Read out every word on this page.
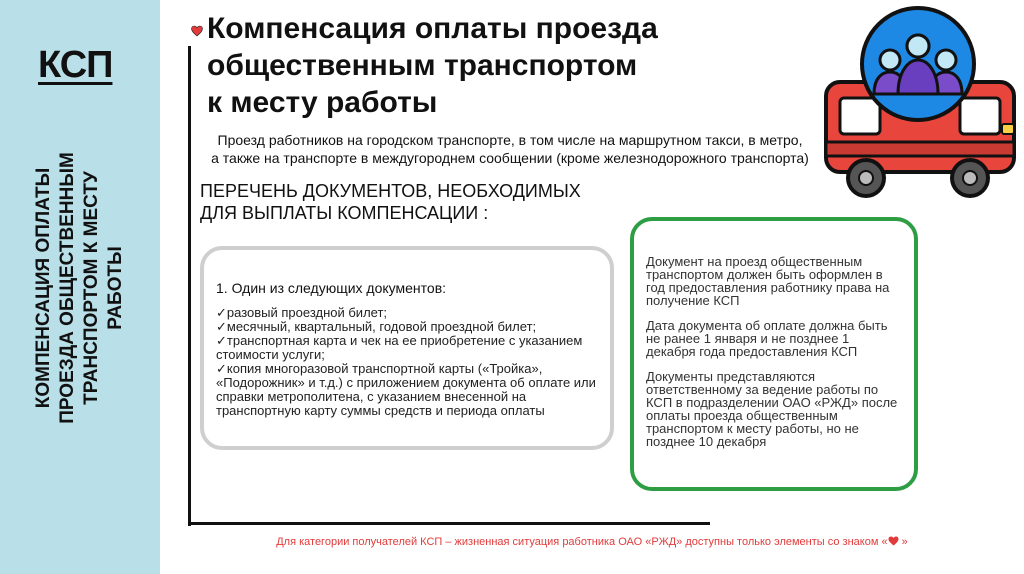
КСП
КОМПЕНСАЦИЯ ОПЛАТЫ ПРОЕЗДА ОБЩЕСТВЕННЫМ ТРАНСПОРТОМ К МЕСТУ РАБОТЫ
Компенсация оплаты проезда
общественным транспортом
к месту работы
Проезд работников на городском транспорте, в том числе на маршрутном такси, в метро,
а также на транспорте в междугороднем сообщении (кроме железнодорожного транспорта)
ПЕРЕЧЕНЬ ДОКУМЕНТОВ, НЕОБХОДИМЫХ
ДЛЯ ВЫПЛАТЫ КОМПЕНСАЦИИ :
1. Один из следующих документов:
✓разовый проездной билет;
✓месячный, квартальный, годовой проездной билет;
✓транспортная карта и чек на ее приобретение с указанием стоимости услуги;
✓копия многоразовой транспортной карты («Тройка», «Подорожник» и т.д.) с приложением документа об оплате или справки метрополитена, с указанием внесенной на транспортную карту суммы средств и периода оплаты

Документ на проезд общественным транспортом должен быть оформлен в год предоставления работнику права на получение КСП

Дата документа об оплате должна быть не ранее 1 января и не позднее 1 декабря года предоставления КСП

Документы представляются ответственному за ведение работы по КСП в подразделении ОАО «РЖД» после оплаты проезда общественным транспортом к месту работы, но не позднее 10 декабря

Для категории получателей КСП – жизненная ситуация работника ОАО «РЖД» доступны только элементы со знаком « »
